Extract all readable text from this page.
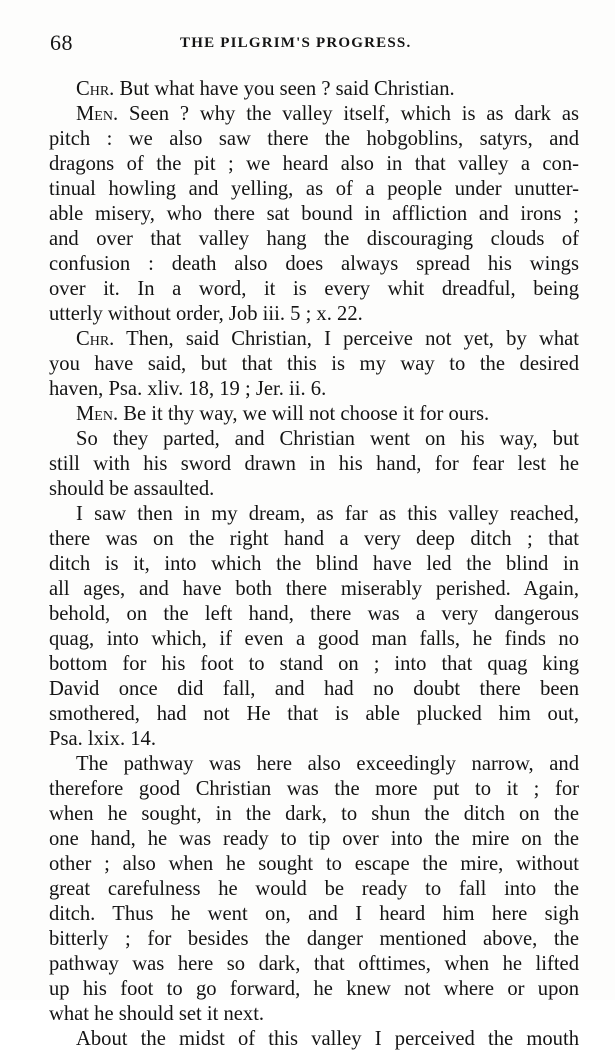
68	THE PILGRIM'S PROGRESS.
Chr. But what have you seen ? said Christian.
Men. Seen ? why the valley itself, which is as dark as
pitch : we also saw there the hobgoblins, satyrs, and
dragons of the pit ; we heard also in that valley a con-
tinual howling and yelling, as of a people under unutter-
able misery, who there sat bound in affliction and irons ;
and over that valley hang the discouraging clouds of
confusion : death also does always spread his wings
over it. In a word, it is every whit dreadful, being
utterly without order, Job iii. 5 ; x. 22.
Chr. Then, said Christian, I perceive not yet, by what
you have said, but that this is my way to the desired
haven, Psa. xliv. 18, 19 ; Jer. ii. 6.
Men. Be it thy way, we will not choose it for ours.
So they parted, and Christian went on his way, but
still with his sword drawn in his hand, for fear lest he
should be assaulted.
I saw then in my dream, as far as this valley reached,
there was on the right hand a very deep ditch ; that
ditch is it, into which the blind have led the blind in
all ages, and have both there miserably perished. Again,
behold, on the left hand, there was a very dangerous
quag, into which, if even a good man falls, he finds no
bottom for his foot to stand on ; into that quag king
David once did fall, and had no doubt there been
smothered, had not He that is able plucked him out,
Psa. lxix. 14.
The pathway was here also exceedingly narrow, and
therefore good Christian was the more put to it ; for
when he sought, in the dark, to shun the ditch on the
one hand, he was ready to tip over into the mire on the
other ; also when he sought to escape the mire, without
great carefulness he would be ready to fall into the
ditch. Thus he went on, and I heard him here sigh
bitterly ; for besides the danger mentioned above, the
pathway was here so dark, that ofttimes, when he lifted
up his foot to go forward, he knew not where or upon
what he should set it next.
About the midst of this valley I perceived the mouth
